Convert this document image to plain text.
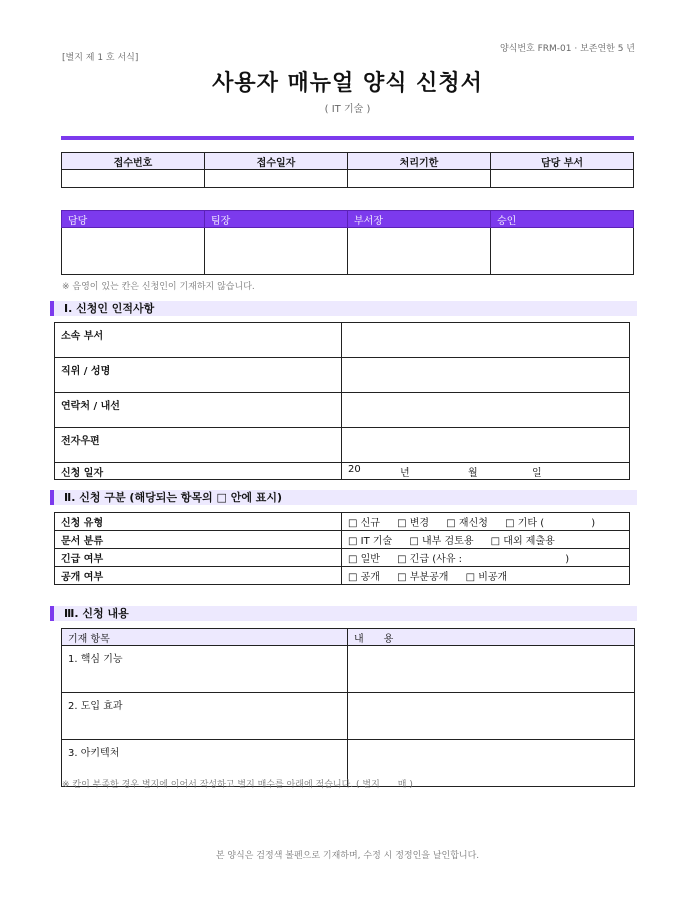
[별지 제 1 호 서식]
양식번호 FRM-01 · 보존연한 5 년
사용자 매뉴얼 양식 신청서
( IT 기술 )
접수번호	접수일자	처리기한	담당 부서

담당	팀장	부서장	승인

※ 음영이 있는 칸은 신청인이 기재하지 않습니다.
Ⅰ. 신청인 인적사항
소속 부서	
직위 / 성명	
연락처 / 내선	
전자우편	
신청 일자	20 년 월 일
Ⅱ. 신청 구분 (해당되는 항목의 □ 안에 표시)
신청 유형	□ 신규 □ 변경 □ 재신청 □ 기타 ( )
문서 분류	□ IT 기술 □ 내부 검토용 □ 대외 제출용
긴급 여부	□ 일반 □ 긴급 (사유 : )
공개 여부	□ 공개 □ 부분공개 □ 비공개
Ⅲ. 신청 내용
기재 항목	내　　용
1. 핵심 기능	
2. 도입 효과	
3. 아키텍처	
※ 칸이 부족한 경우 별지에 이어서 작성하고 별지 매수를 아래에 적습니다. ( 별지　　매 )
본 양식은 검정색 볼펜으로 기재하며, 수정 시 정정인을 날인합니다.
